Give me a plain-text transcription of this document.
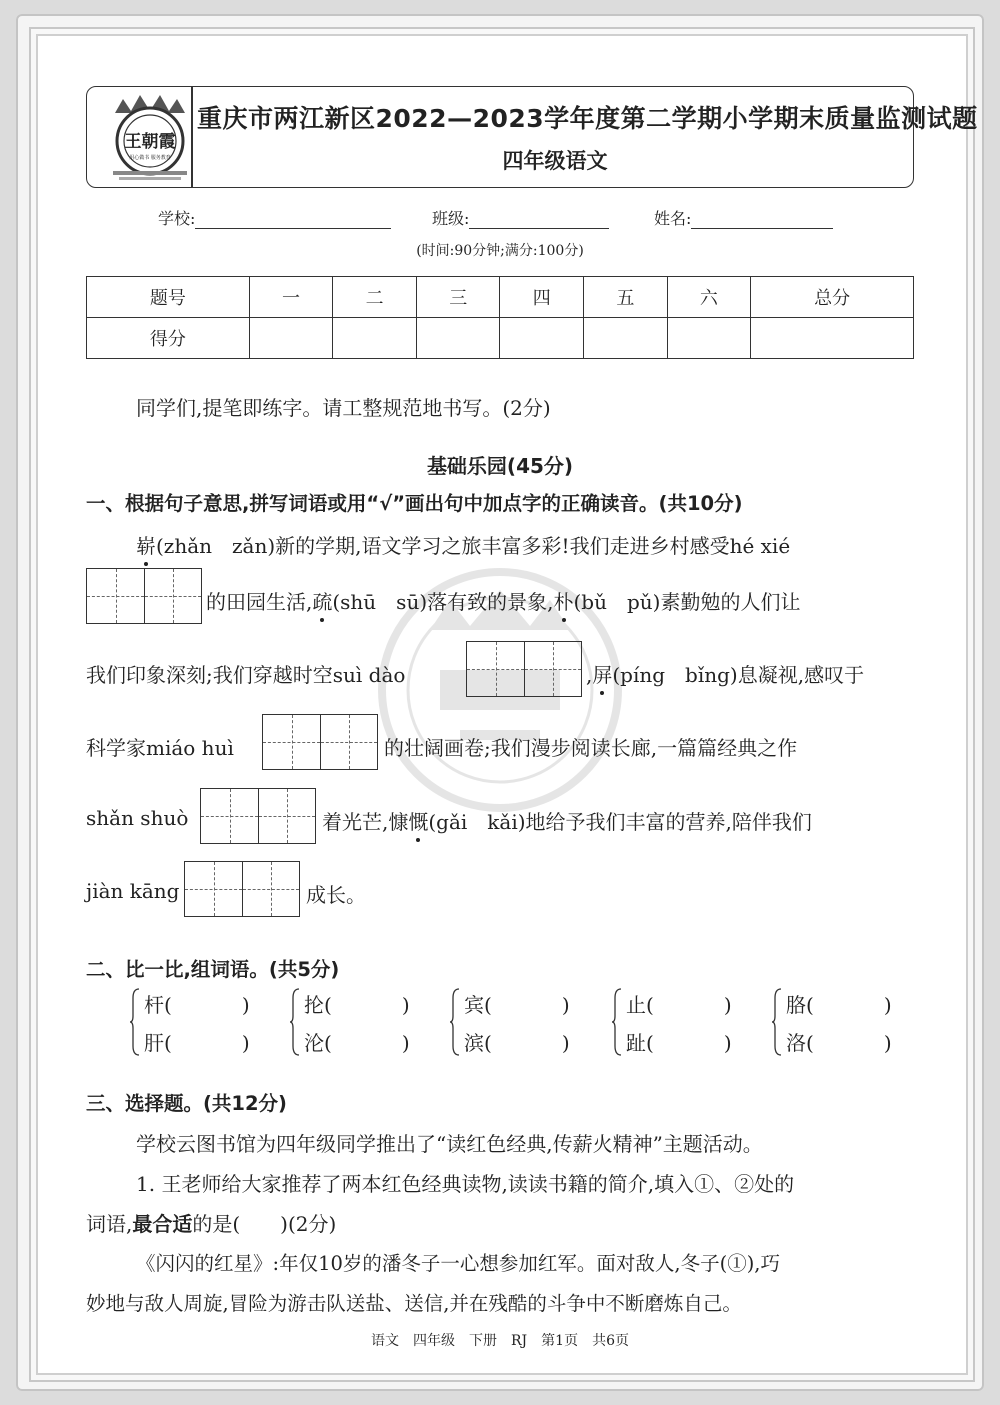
王朝霞
用心做书 服务教育
重庆市两江新区2022—2023学年度第二学期小学期末质量监测试题
四年级语文
学校:	班级:	姓名:
(时间:90分钟;满分:100分)
题号	一	二	三	四	五	六	总分
得分							
同学们,提笔即练字。请工整规范地书写。(2分)
基础乐园(45分)
一、根据句子意思,拼写词语或用“√”画出句中加点字的正确读音。(共10分)
崭(zhǎn　zǎn)新的学期,语文学习之旅丰富多彩!我们走进乡村感受hé xié
的田园生活,疏(shū　sū)落有致的景象,朴(bǔ　pǔ)素勤勉的人们让
我们印象深刻;我们穿越时空suì dào	,屏(píng　bǐng)息凝视,感叹于
科学家miáo huì	的壮阔画卷;我们漫步阅读长廊,一篇篇经典之作
shǎn shuò	着光芒,慷慨(gǎi　kǎi)地给予我们丰富的营养,陪伴我们
jiàn kāng	成长。
二、比一比,组词语。(共5分)
杆(	)
肝(	)
抡(	)
沦(	)
宾(	)
滨(	)
止(	)
趾(	)
胳(	)
洛(	)
三、选择题。(共12分)
学校云图书馆为四年级同学推出了“读红色经典,传薪火精神”主题活动。
1. 王老师给大家推荐了两本红色经典读物,读读书籍的简介,填入①、②处的
词语,最合适的是(　　)(2分)
《闪闪的红星》:年仅10岁的潘冬子一心想参加红军。面对敌人,冬子(①),巧
妙地与敌人周旋,冒险为游击队送盐、送信,并在残酷的斗争中不断磨炼自己。
语文　四年级　下册　RJ　第1页　共6页
